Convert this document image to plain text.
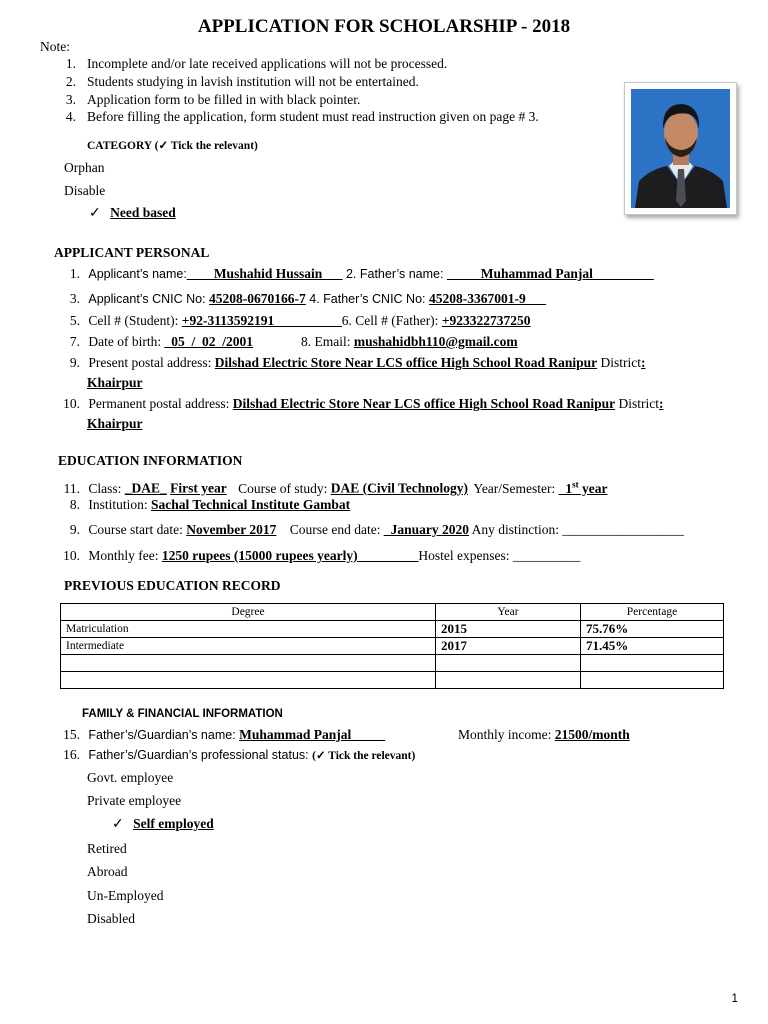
APPLICATION FOR SCHOLARSHIP - 2018
Note:
1. Incomplete and/or late received applications will not be processed.
2. Students studying in lavish institution will not be entertained.
3. Application form to be filled in with black pointer.
4. Before filling the application, form student must read instruction given on page # 3.
CATEGORY (✓ Tick the relevant)
Orphan
Disable
✓ Need based
APPLICANT PERSONAL
1. Applicant’s name:____Mushahid Hussain___ 2. Father’s name: _____Muhammad Panjal_________
3. Applicant’s CNIC No: 45208-0670166-7 4. Father’s CNIC No: 45208-3367001-9___
5. Cell # (Student): +92-3113592191__________6. Cell # (Father): +923322737250
7. Date of birth: _05_/_02_/2001	8. Email: mushahidbh110@gmail.com
9. Present postal address: Dilshad Electric Store Near LCS office High School Road Ranipur District:
Khairpur
10. Permanent postal address: Dilshad Electric Store Near LCS office High School Road Ranipur District:
Khairpur
EDUCATION INFORMATION
11. Class: _DAE_ First year Course of study: DAE (Civil Technology) Year/Semester: _1st year
8. Institution: Sachal Technical Institute Gambat
9. Course start date: November 2017 Course end date: _January 2020 Any distinction: __________________
10. Monthly fee: 1250 rupees (15000 rupees yearly)_________Hostel expenses: __________
PREVIOUS EDUCATION RECORD
Degree	Year	Percentage
Matriculation	2015	75.76%
Intermediate	2017	71.45%

FAMILY & FINANCIAL INFORMATION
15. Father’s/Guardian’s name: Muhammad Panjal_____	Monthly income: 21500/month
16. Father’s/Guardian’s professional status: (✓ Tick the relevant)
Govt. employee
Private employee
✓ Self employed
Retired
Abroad
Un-Employed
Disabled
1
